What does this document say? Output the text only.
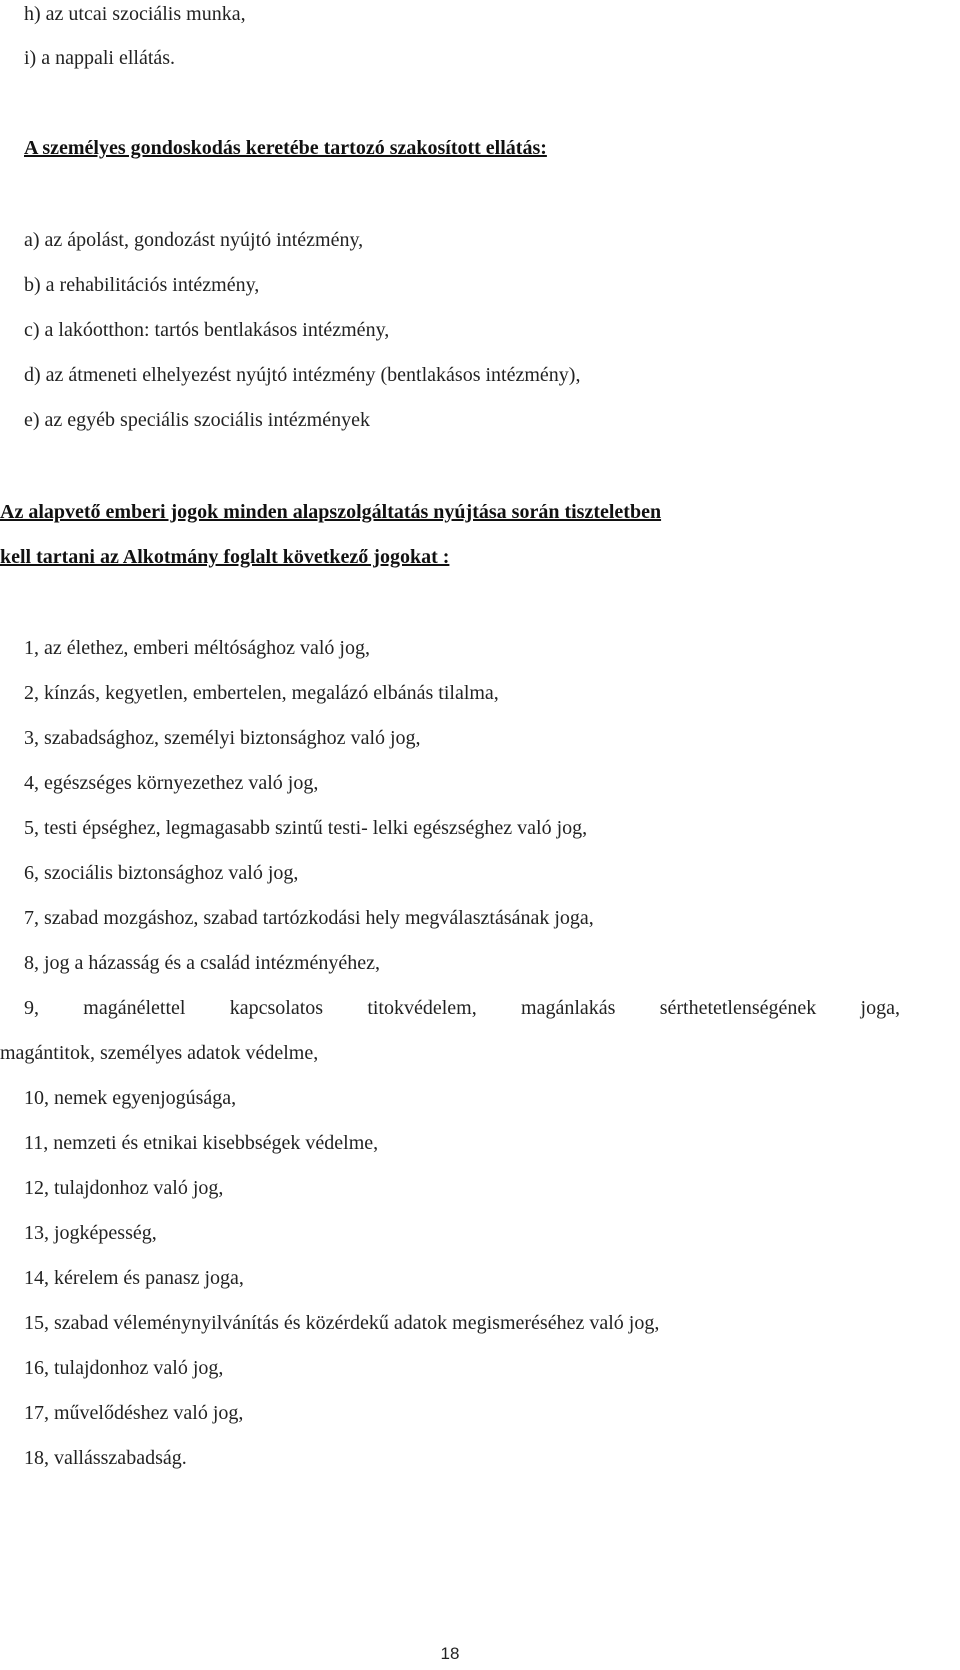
h) az utcai szociális munka,
i) a nappali ellátás.
A személyes gondoskodás keretébe tartozó szakosított ellátás:
a) az ápolást, gondozást nyújtó intézmény,
b) a rehabilitációs intézmény,
c) a lakóotthon: tartós bentlakásos intézmény,
d) az átmeneti elhelyezést nyújtó intézmény (bentlakásos intézmény),
e) az egyéb speciális szociális intézmények
Az alapvető emberi jogok minden alapszolgáltatás nyújtása során tiszteletben
kell tartani az Alkotmány foglalt következő jogokat :
1, az élethez, emberi méltósághoz való jog,
2, kínzás, kegyetlen, embertelen, megalázó elbánás tilalma,
3, szabadsághoz, személyi biztonsághoz való jog,
4, egészséges környezethez való jog,
5, testi épséghez, legmagasabb szintű testi- lelki egészséghez való jog,
6, szociális biztonsághoz való jog,
7, szabad mozgáshoz, szabad tartózkodási hely megválasztásának joga,
8, jog a házasság és a család intézményéhez,
9, magánélettel kapcsolatos titokvédelem, magánlakás sérthetetlenségének joga,
magántitok, személyes adatok védelme,
10, nemek egyenjogúsága,
11, nemzeti és etnikai kisebbségek védelme,
12, tulajdonhoz való jog,
13, jogképesség,
14, kérelem és panasz joga,
15, szabad véleménynyilvánítás és közérdekű adatok megismeréséhez való jog,
16, tulajdonhoz való jog,
17, művelődéshez való jog,
18, vallásszabadság.
18
